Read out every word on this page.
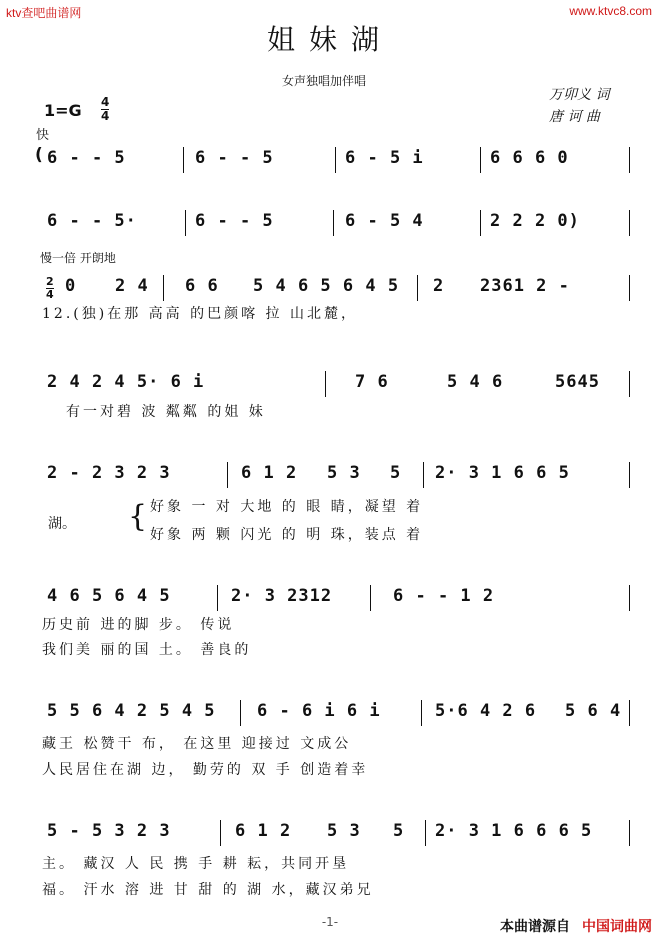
ktv查吧曲谱网	www.ktvc8.com
姐妹湖
女声独唱加伴唱
万卯义 词
唐 诃 曲
1=G 4
4
快
慢一倍 开朗地
2
4
( 6 - - 5	6 - - 5	6 - 5 i	6 6 6 0
6 - - 5·	6 - - 5	6 - 5 4	2 2 2 0)
0	2 4	6 6	5 4 6 5 6 4 5	2	2361 2 -
12.(独)在那 高高 的巴颜喀 拉 山北麓，
2 4 2 4 5· 6 i	7 6	5 4 6	5645
有一对碧 波 粼粼 的姐 妹
2 - 2 3 2 3	6 1 2	5 3	5	2· 3 1 6 6 5
湖。 { 好象 一 对 大地 的 眼 睛，凝望 着
好象 两 颗 闪光 的 明 珠，装点 着
4 6 5 6 4 5	2· 3 2312	6 - - 1 2
历史前 进的脚 步。 传说
我们美 丽的国 土。 善良的
5 5 6 4 2 5 4 5	6 - 6 i 6 i	5·6 4 2 6	5 6 4
藏王 松赞干 布， 在这里 迎接过 文成公
人民居住在湖 边， 勤劳的 双 手 创造着幸
5 - 5 3 2 3	6 1 2	5 3	5	2· 3 1 6 6 6 5
主。 藏汉 人 民 携 手 耕 耘，共同开垦
福。 汗水 溶 进 甘 甜 的 湖 水，藏汉弟兄
-1-	本曲谱源自 中国词曲网
